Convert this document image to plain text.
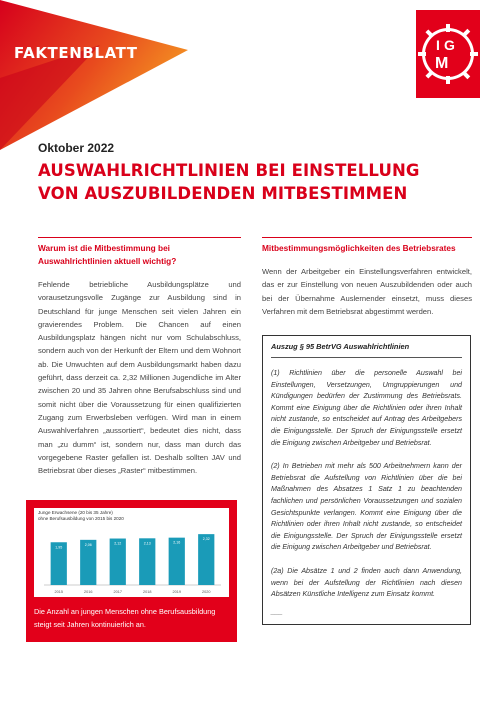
FAKTENBLATT	I G
M
Oktober 2022
AUSWAHLRICHTLINIEN BEI EINSTELLUNG
VON AUSZUBILDENDEN MITBESTIMMEN
Warum ist die Mitbestimmung bei Auswahlrichtlinien aktuell wichtig?
Fehlende betriebliche Ausbildungsplätze und vorausetzungsvolle Zugänge zur Ausbildung sind in Deutschland für junge Menschen seit vielen Jahren ein gravierendes Problem. Die Chancen auf einen Ausbildungsplatz hängen nicht nur vom Schulabschluss, sondern auch von der Herkunft der Eltern und dem Wohnort ab. Die Unwuchten auf dem Ausbildungsmarkt haben dazu geführt, dass derzeit ca. 2,32 Millionen Jugendliche im Alter zwischen 20 und 35 Jahren ohne Berufsabschluss sind und somit nicht über die Voraussetzung für einen qualifizierten Zugang zum Erwerbsleben verfügen. Wird man in einem Auswahlverfahren „aussortiert“, bedeutet dies nicht, dass man „zu dumm“ ist, sondern nur, dass man durch das vorgegebene Raster gefallen ist. Deshalb sollten JAV und Betriebsrat über dieses „Raster“ mitbestimmen.
Junge Erwachsene (20 bis 35 Jahre)
ohne Berufsausbildung von 2015 bis 2020
1,95
2015
2,06
2016
2,12
2017
2,13
2018
2,16
2019
2,32
2020
Die Anzahl an jungen Menschen ohne Berufsausbildung steigt seit Jahren kontinuierlich an.
Mitbestimmungsmöglichkeiten des Betriebsrates
Wenn der Arbeitgeber ein Einstellungsverfahren entwickelt, das er zur Einstellung von neuen Auszubildenden oder auch bei der Übernahme Auslernender einsetzt, muss dieses Verfahren mit dem Betriebsrat abgestimmt werden.
Auszug § 95 BetrVG Auswahlrichtlinien

(1) Richtlinien über die personelle Auswahl bei Einstellungen, Versetzungen, Umgruppierungen und Kündigungen bedürfen der Zustimmung des Betriebsrats. Kommt eine Einigung über die Richtlinien oder ihren Inhalt nicht zustande, so entscheidet auf Antrag des Arbeitgebers die Einigungsstelle. Der Spruch der Einigungsstelle ersetzt die Einigung zwischen Arbeitgeber und Betriebsrat.

(2) In Betrieben mit mehr als 500 Arbeitnehmern kann der Betriebsrat die Aufstellung von Richtlinien über die bei Maßnahmen des Absatzes 1 Satz 1 zu beachtenden fachlichen und persönlichen Voraussetzungen und sozialen Gesichtspunkte verlangen. Kommt eine Einigung über die Richtlinien oder ihren Inhalt nicht zustande, so entscheidet die Einigungsstelle. Der Spruch der Einigungsstelle ersetzt die Einigung zwischen Arbeitgeber und Betriebsrat.

(2a) Die Absätze 1 und 2 finden auch dann Anwendung, wenn bei der Aufstellung der Richtlinien nach diesen Absätzen Künstliche Intelligenz zum Einsatz kommt.

___
